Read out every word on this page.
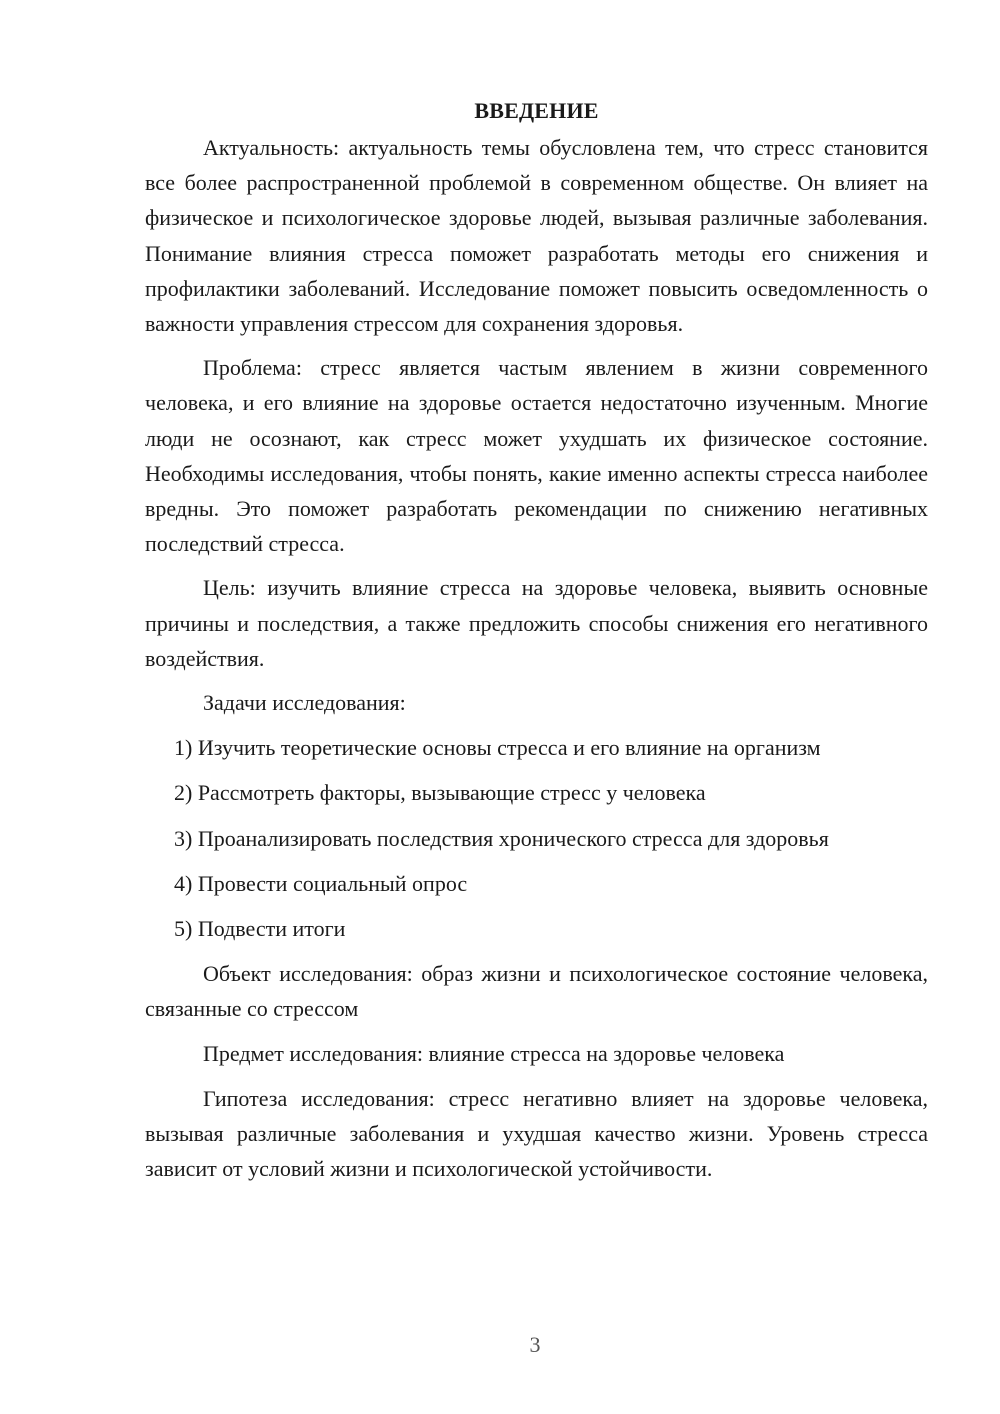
ВВЕДЕНИЕ

Актуальность: актуальность темы обусловлена тем, что стресс становится все более распространенной проблемой в современном обществе. Он влияет на физическое и психологическое здоровье людей, вызывая различные заболевания. Понимание влияния стресса поможет разработать методы его снижения и профилактики заболеваний. Исследование поможет повысить осведомленность о важности управления стрессом для сохранения здоровья.

Проблема: стресс является частым явлением в жизни современного человека, и его влияние на здоровье остается недостаточно изученным. Многие люди не осознают, как стресс может ухудшать их физическое состояние. Необходимы исследования, чтобы понять, какие именно аспекты стресса наиболее вредны. Это поможет разработать рекомендации по снижению негативных последствий стресса.

Цель: изучить влияние стресса на здоровье человека, выявить основные причины и последствия, а также предложить способы снижения его негативного воздействия.

Задачи исследования:

1) Изучить теоретические основы стресса и его влияние на организм
2) Рассмотреть факторы, вызывающие стресс у человека
3) Проанализировать последствия хронического стресса для здоровья
4) Провести социальный опрос
5) Подвести итоги

Объект исследования: образ жизни и психологическое состояние человека, связанные со стрессом

Предмет исследования: влияние стресса на здоровье человека

Гипотеза исследования: стресс негативно влияет на здоровье человека, вызывая различные заболевания и ухудшая качество жизни. Уровень стресса зависит от условий жизни и психологической устойчивости.

3
